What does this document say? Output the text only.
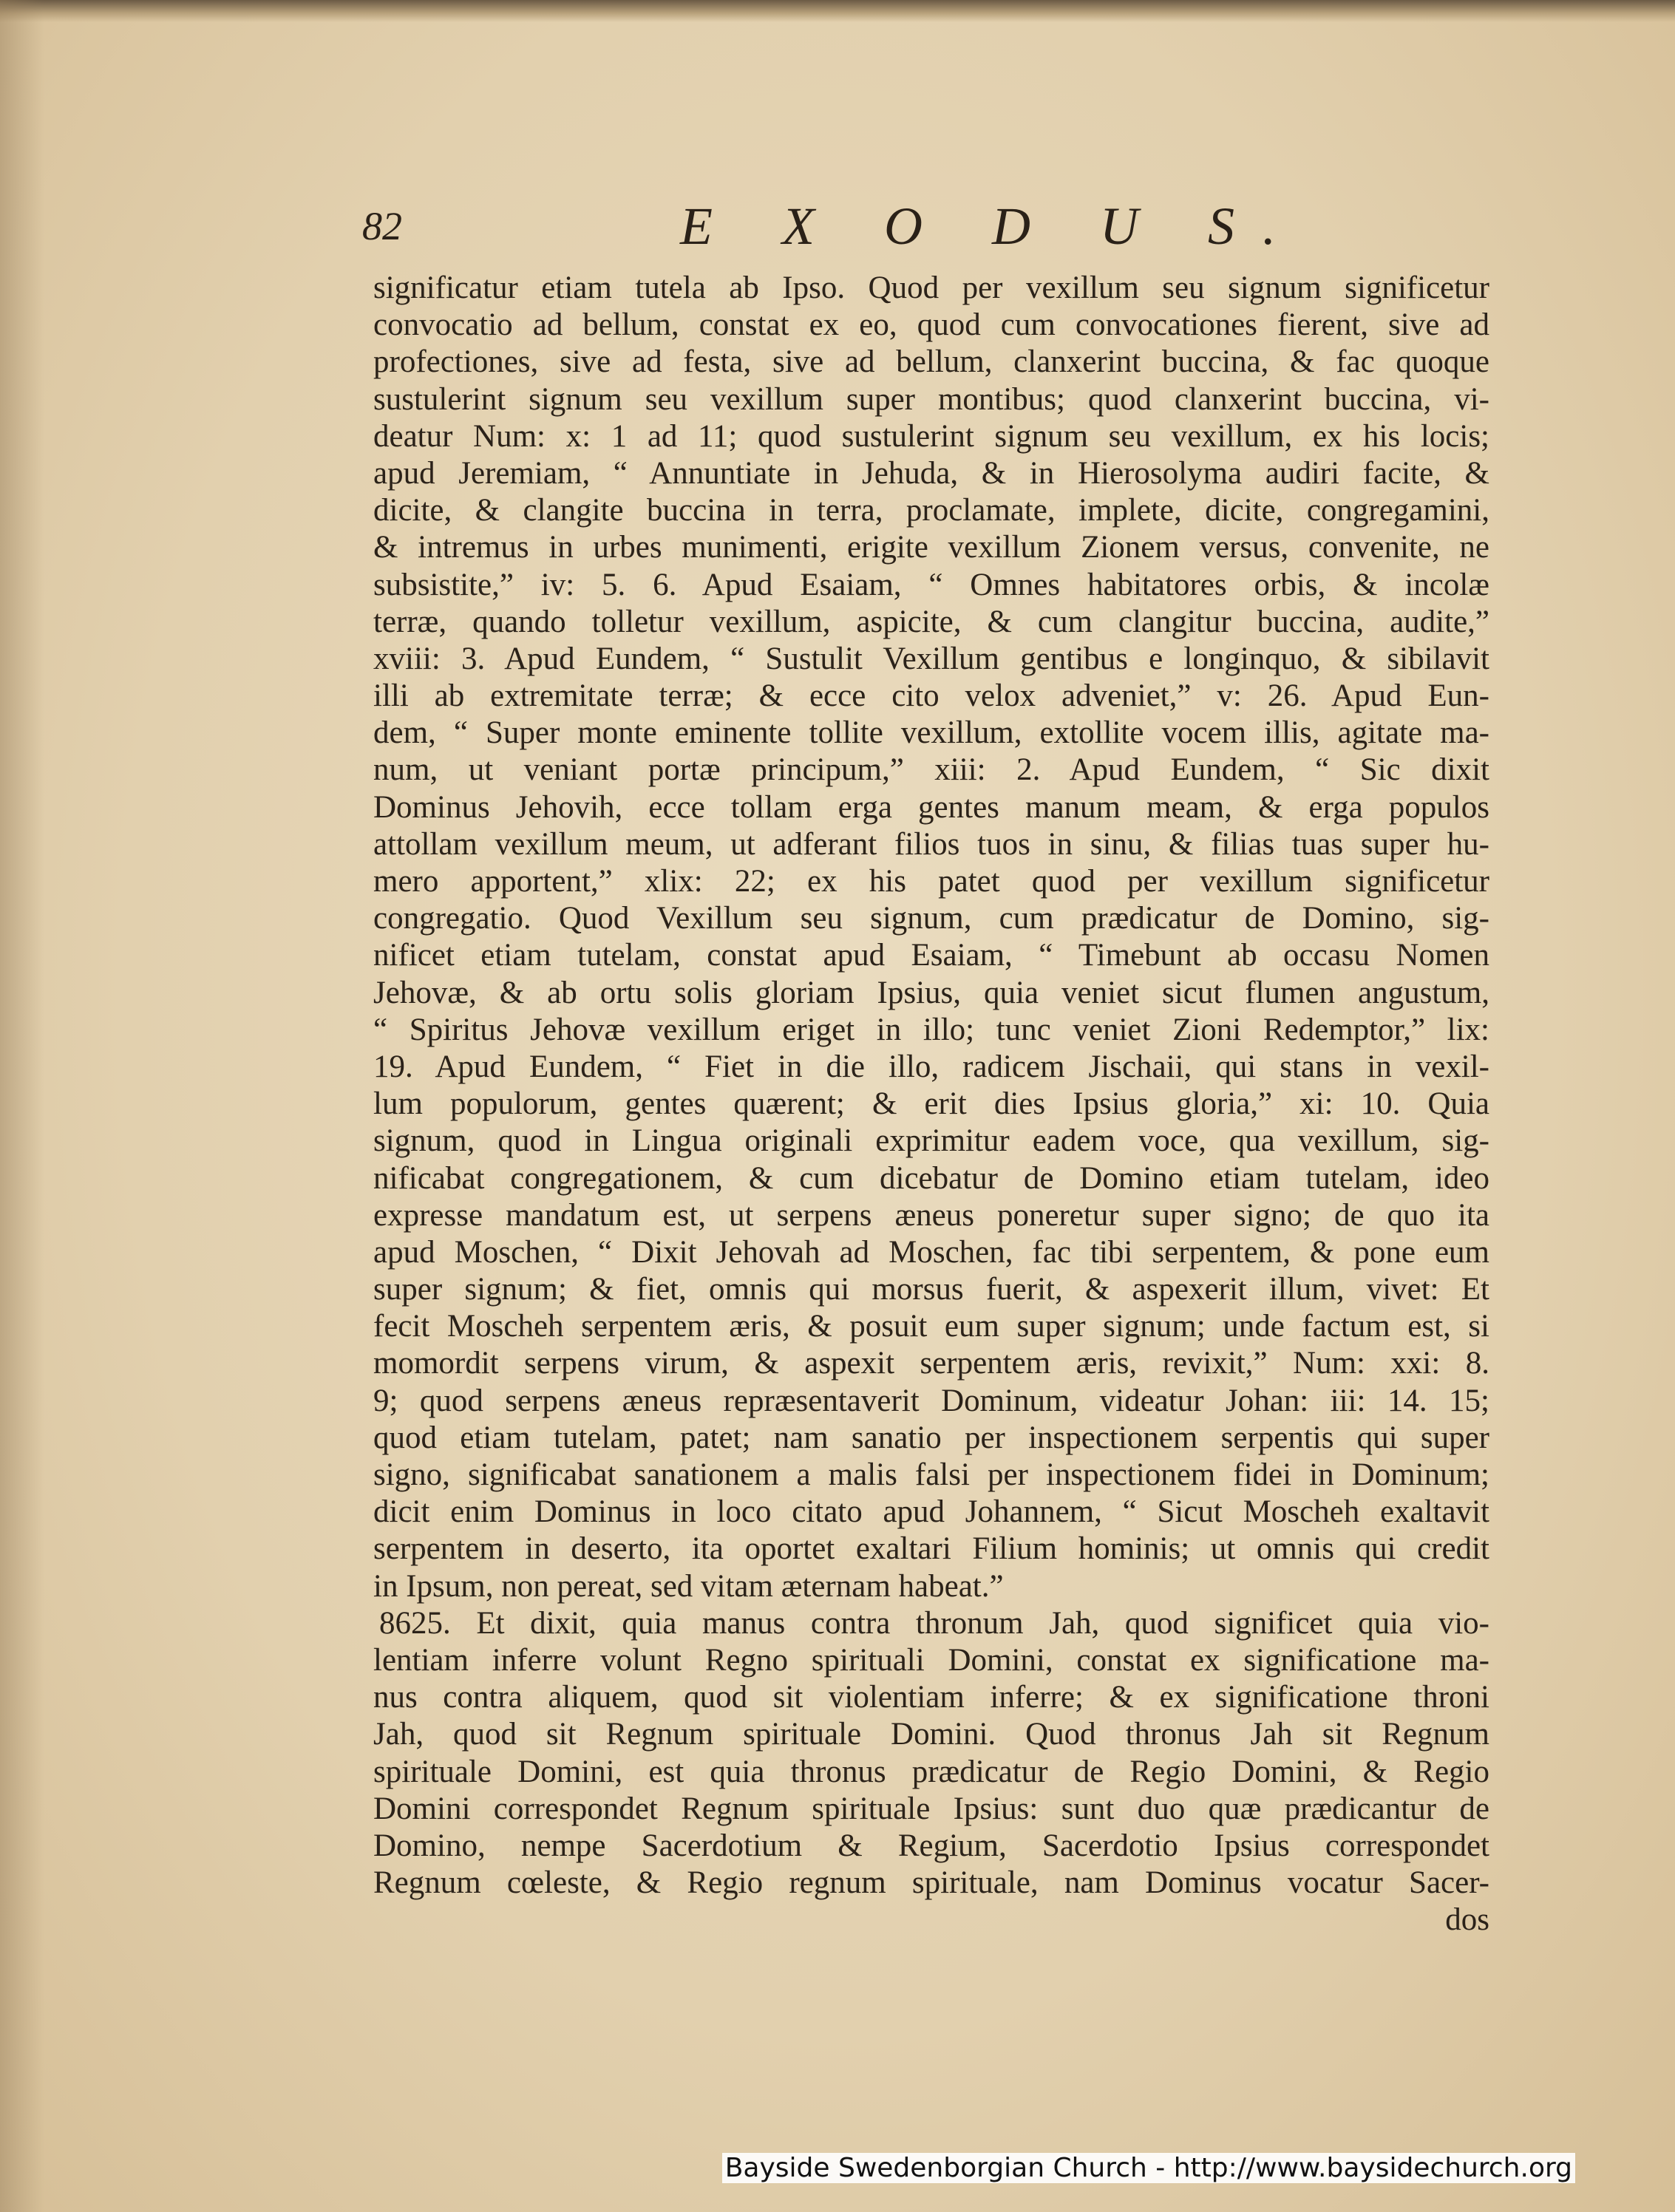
82	E X O D U S.
significatur etiam tutela ab Ipso. Quod per vexillum seu signum significetur
convocatio ad bellum, constat ex eo, quod cum convocationes fierent, sive ad
profectiones, sive ad festa, sive ad bellum, clanxerint buccina, & fac quoque
sustulerint signum seu vexillum super montibus; quod clanxerint buccina, vi-
deatur Num: x: 1 ad 11; quod sustulerint signum seu vexillum, ex his locis;
apud Jeremiam, “ Annuntiate in Jehuda, & in Hierosolyma audiri facite, &
dicite, & clangite buccina in terra, proclamate, implete, dicite, congregamini,
& intremus in urbes munimenti, erigite vexillum Zionem versus, convenite, ne
subsistite,” iv: 5. 6. Apud Esaiam, “ Omnes habitatores orbis, & incolæ
terræ, quando tolletur vexillum, aspicite, & cum clangitur buccina, audite,”
xviii: 3. Apud Eundem, “ Sustulit Vexillum gentibus e longinquo, & sibilavit
illi ab extremitate terræ; & ecce cito velox adveniet,” v: 26. Apud Eun-
dem, “ Super monte eminente tollite vexillum, extollite vocem illis, agitate ma-
num, ut veniant portæ principum,” xiii: 2. Apud Eundem, “ Sic dixit
Dominus Jehovih, ecce tollam erga gentes manum meam, & erga populos
attollam vexillum meum, ut adferant filios tuos in sinu, & filias tuas super hu-
mero apportent,” xlix: 22; ex his patet quod per vexillum significetur
congregatio. Quod Vexillum seu signum, cum prædicatur de Domino, sig-
nificet etiam tutelam, constat apud Esaiam, “ Timebunt ab occasu Nomen
Jehovæ, & ab ortu solis gloriam Ipsius, quia veniet sicut flumen angustum,
“ Spiritus Jehovæ vexillum eriget in illo; tunc veniet Zioni Redemptor,” lix:
19. Apud Eundem, “ Fiet in die illo, radicem Jischaii, qui stans in vexil-
lum populorum, gentes quærent; & erit dies Ipsius gloria,” xi: 10. Quia
signum, quod in Lingua originali exprimitur eadem voce, qua vexillum, sig-
nificabat congregationem, & cum dicebatur de Domino etiam tutelam, ideo
expresse mandatum est, ut serpens æneus poneretur super signo; de quo ita
apud Moschen, “ Dixit Jehovah ad Moschen, fac tibi serpentem, & pone eum
super signum; & fiet, omnis qui morsus fuerit, & aspexerit illum, vivet: Et
fecit Moscheh serpentem æris, & posuit eum super signum; unde factum est, si
momordit serpens virum, & aspexit serpentem æris, revixit,” Num: xxi: 8.
9; quod serpens æneus repræsentaverit Dominum, videatur Johan: iii: 14. 15;
quod etiam tutelam, patet; nam sanatio per inspectionem serpentis qui super
signo, significabat sanationem a malis falsi per inspectionem fidei in Dominum;
dicit enim Dominus in loco citato apud Johannem, “ Sicut Moscheh exaltavit
serpentem in deserto, ita oportet exaltari Filium hominis; ut omnis qui credit
in Ipsum, non pereat, sed vitam æternam habeat.”
8625. Et dixit, quia manus contra thronum Jah, quod significet quia vio-
lentiam inferre volunt Regno spirituali Domini, constat ex significatione ma-
nus contra aliquem, quod sit violentiam inferre; & ex significatione throni
Jah, quod sit Regnum spirituale Domini. Quod thronus Jah sit Regnum
spirituale Domini, est quia thronus prædicatur de Regio Domini, & Regio
Domini correspondet Regnum spirituale Ipsius: sunt duo quæ prædicantur de
Domino, nempe Sacerdotium & Regium, Sacerdotio Ipsius correspondet
Regnum cœleste, & Regio regnum spirituale, nam Dominus vocatur Sacer-
dos
Bayside Swedenborgian Church - http://www.baysidechurch.org
